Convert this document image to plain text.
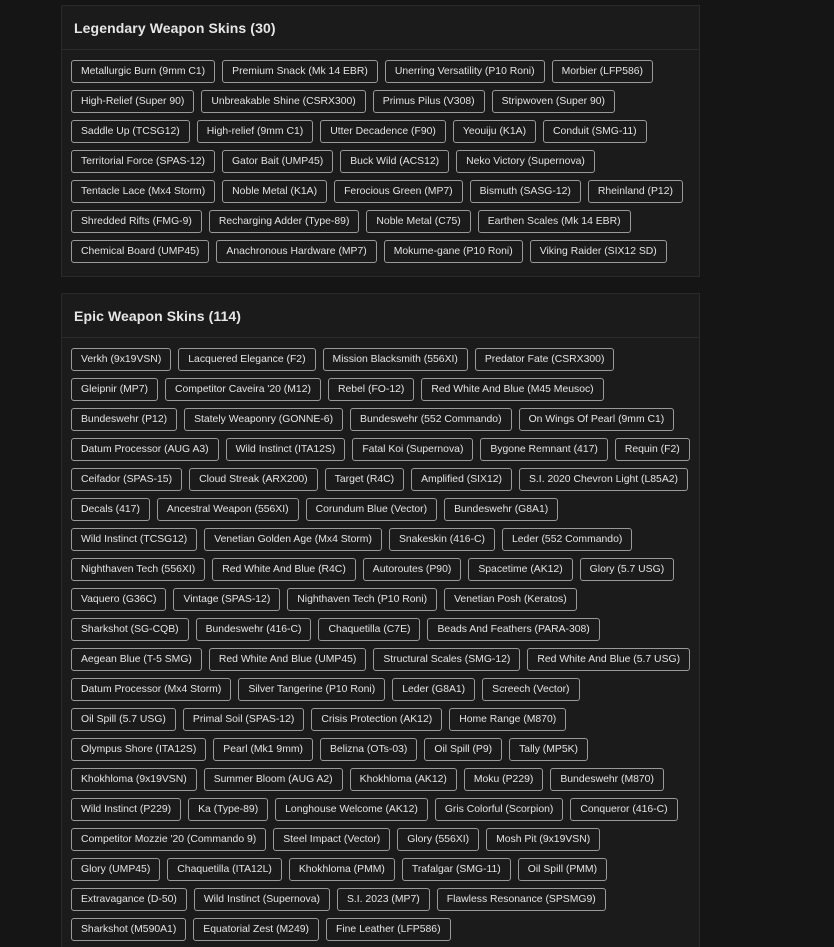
Legendary Weapon Skins (30)
Metallurgic Burn (9mm C1)	Premium Snack (Mk 14 EBR)	Unerring Versatility (P10 Roni)	Morbier (LFP586)
High-Relief (Super 90)	Unbreakable Shine (CSRX300)	Primus Pilus (V308)	Stripwoven (Super 90)
Saddle Up (TCSG12)	High-relief (9mm C1)	Utter Decadence (F90)	Yeouiju (K1A)	Conduit (SMG-11)
Territorial Force (SPAS-12)	Gator Bait (UMP45)	Buck Wild (ACS12)	Neko Victory (Supernova)
Tentacle Lace (Mx4 Storm)	Noble Metal (K1A)	Ferocious Green (MP7)	Bismuth (SASG-12)	Rheinland (P12)
Shredded Rifts (FMG-9)	Recharging Adder (Type-89)	Noble Metal (C75)	Earthen Scales (Mk 14 EBR)
Chemical Board (UMP45)	Anachronous Hardware (MP7)	Mokume-gane (P10 Roni)	Viking Raider (SIX12 SD)
Epic Weapon Skins (114)
Verkh (9x19VSN)	Lacquered Elegance (F2)	Mission Blacksmith (556XI)	Predator Fate (CSRX300)
Gleipnir (MP7)	Competitor Caveira '20 (M12)	Rebel (FO-12)	Red White And Blue (M45 Meusoc)
Bundeswehr (P12)	Stately Weaponry (GONNE-6)	Bundeswehr (552 Commando)	On Wings Of Pearl (9mm C1)
Datum Processor (AUG A3)	Wild Instinct (ITA12S)	Fatal Koi (Supernova)	Bygone Remnant (417)	Requin (F2)
Ceifador (SPAS-15)	Cloud Streak (ARX200)	Target (R4C)	Amplified (SIX12)	S.I. 2020 Chevron Light (L85A2)
Decals (417)	Ancestral Weapon (556XI)	Corundum Blue (Vector)	Bundeswehr (G8A1)
Wild Instinct (TCSG12)	Venetian Golden Age (Mx4 Storm)	Snakeskin (416-C)	Leder (552 Commando)
Nighthaven Tech (556XI)	Red White And Blue (R4C)	Autoroutes (P90)	Spacetime (AK12)	Glory (5.7 USG)
Vaquero (G36C)	Vintage (SPAS-12)	Nighthaven Tech (P10 Roni)	Venetian Posh (Keratos)
Sharkshot (SG-CQB)	Bundeswehr (416-C)	Chaquetilla (C7E)	Beads And Feathers (PARA-308)
Aegean Blue (T-5 SMG)	Red White And Blue (UMP45)	Structural Scales (SMG-12)	Red White And Blue (5.7 USG)
Datum Processor (Mx4 Storm)	Silver Tangerine (P10 Roni)	Leder (G8A1)	Screech (Vector)
Oil Spill (5.7 USG)	Primal Soil (SPAS-12)	Crisis Protection (AK12)	Home Range (M870)
Olympus Shore (ITA12S)	Pearl (Mk1 9mm)	Belizna (OTs-03)	Oil Spill (P9)	Tally (MP5K)
Khokhloma (9x19VSN)	Summer Bloom (AUG A2)	Khokhloma (AK12)	Moku (P229)	Bundeswehr (M870)
Wild Instinct (P229)	Ka (Type-89)	Longhouse Welcome (AK12)	Gris Colorful (Scorpion)	Conqueror (416-C)
Competitor Mozzie '20 (Commando 9)	Steel Impact (Vector)	Glory (556XI)	Mosh Pit (9x19VSN)
Glory (UMP45)	Chaquetilla (ITA12L)	Khokhloma (PMM)	Trafalgar (SMG-11)	Oil Spill (PMM)
Extravagance (D-50)	Wild Instinct (Supernova)	S.I. 2023 (MP7)	Flawless Resonance (SPSMG9)
Sharkshot (M590A1)	Equatorial Zest (M249)	Fine Leather (LFP586)
